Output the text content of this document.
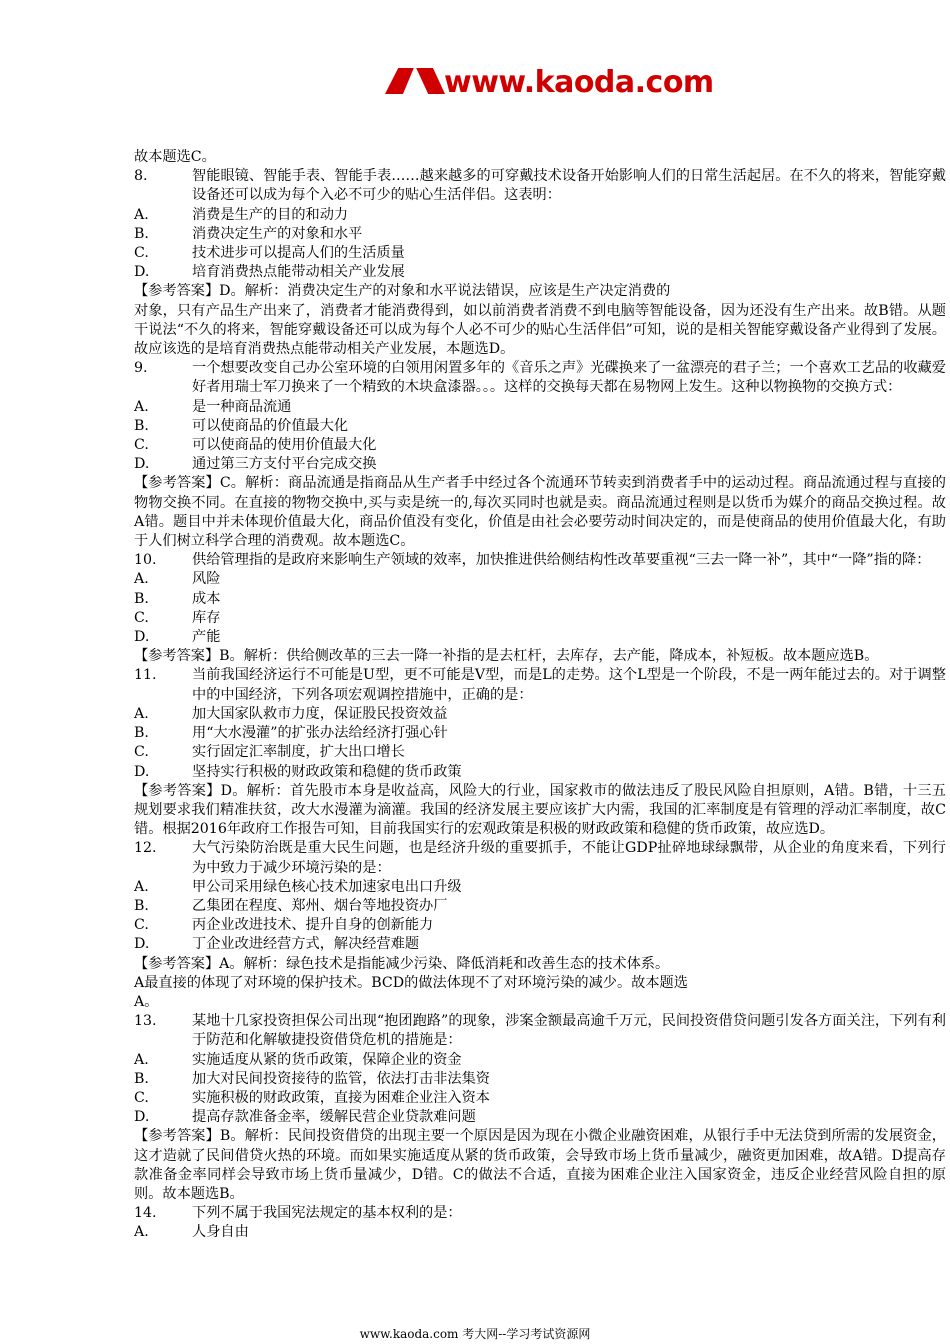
www.kaoda.com

故本题选C。

8.	智能眼镜、智能手表、智能手表……越来越多的可穿戴技术设备开始影响人们的日常生活起居。在不久的将来，智能穿戴设备还可以成为每个入必不可少的贴心生活伴侣。这表明：
A.	消费是生产的目的和动力
B.	消费决定生产的对象和水平
C.	技术进步可以提高人们的生活质量
D.	培育消费热点能带动相关产业发展

【参考答案】D。解析：消费决定生产的对象和水平说法错误，应该是生产决定消费的

对象，只有产品生产出来了，消费者才能消费得到，如以前消费者消费不到电脑等智能设备，因为还没有生产出来。故B错。从题干说法“不久的将来，智能穿戴设备还可以成为每个人必不可少的贴心生活伴侣”可知，说的是相关智能穿戴设备产业得到了发展。故应该选的是培育消费热点能带动相关产业发展，本题选D。

9.	一个想要改变自己办公室环境的白领用闲置多年的《音乐之声》光碟换来了一盆漂亮的君子兰；一个喜欢工艺品的收藏爱好者用瑞士军刀换来了一个精致的木块盒漆器。。。这样的交换每天都在易物网上发生。这种以物换物的交换方式：
A.	是一种商品流通
B.	可以使商品的价值最大化
C.	可以使商品的使用价值最大化
D.	通过第三方支付平台完成交换

【参考答案】C。解析：商品流通是指商品从生产者手中经过各个流通环节转卖到消费者手中的运动过程。商品流通过程与直接的物物交换不同。在直接的物物交换中,买与卖是统一的,每次买同时也就是卖。商品流通过程则是以货币为媒介的商品交换过程。故A错。题目中并未体现价值最大化，商品价值没有变化，价值是由社会必要劳动时间决定的，而是使商品的使用价值最大化，有助于人们树立科学合理的消费观。故本题选C。

10.	供给管理指的是政府来影响生产领域的效率，加快推进供给侧结构性改革要重视“三去一降一补”，其中“一降”指的降：
A.	风险
B.	成本
C.	库存
D.	产能

【参考答案】B。解析：供给侧改革的三去一降一补指的是去杠杆，去库存，去产能，降成本，补短板。故本题应选B。

11.	当前我国经济运行不可能是U型，更不可能是V型，而是L的走势。这个L型是一个阶段，不是一两年能过去的。对于调整中的中国经济，下列各项宏观调控措施中，正确的是：
A.	加大国家队救市力度，保证股民投资效益
B.	用“大水漫灌”的扩张办法给经济打强心针
C.	实行固定汇率制度，扩大出口增长
D.	坚持实行积极的财政政策和稳健的货币政策

【参考答案】D。解析：首先股市本身是收益高，风险大的行业，国家救市的做法违反了股民风险自担原则，A错。B错，十三五规划要求我们精准扶贫，改大水漫灌为滴灌。我国的经济发展主要应该扩大内需，我国的汇率制度是有管理的浮动汇率制度，故C错。根据2016年政府工作报告可知，目前我国实行的宏观政策是积极的财政政策和稳健的货币政策，故应选D。

12.	大气污染防治既是重大民生问题，也是经济升级的重要抓手，不能让GDP扯碎地球绿飘带，从企业的角度来看，下列行为中致力于减少环境污染的是：
A.	甲公司采用绿色核心技术加速家电出口升级
B.	乙集团在程度、郑州、烟台等地投资办厂
C.	丙企业改进技术、提升自身的创新能力
D.	丁企业改进经营方式，解决经营难题

【参考答案】A。解析：绿色技术是指能减少污染、降低消耗和改善生态的技术体系。

A最直接的体现了对环境的保护技术。BCD的做法体现不了对环境污染的减少。故本题选

A。

13.	某地十几家投资担保公司出现“抱团跑路”的现象，涉案金额最高逾千万元，民间投资借贷问题引发各方面关注，下列有利于防范和化解敏捷投资借贷危机的措施是：
A.	实施适度从紧的货币政策，保障企业的资金
B.	加大对民间投资接待的监管，依法打击非法集资
C.	实施积极的财政政策，直接为困难企业注入资本
D.	提高存款准备金率，缓解民营企业贷款难问题

【参考答案】B。解析：民间投资借贷的出现主要一个原因是因为现在小微企业融资困难，从银行手中无法贷到所需的发展资金，这才造就了民间借贷火热的环境。而如果实施适度从紧的货币政策，会导致市场上货币量减少，融资更加困难，故A错。D提高存款准备金率同样会导致市场上货币量减少，D错。C的做法不合适，直接为困难企业注入国家资金，违反企业经营风险自担的原则。故本题选B。

14.	下列不属于我国宪法规定的基本权利的是：
A.	人身自由
www.kaoda.com 考大网--学习考试资源网
